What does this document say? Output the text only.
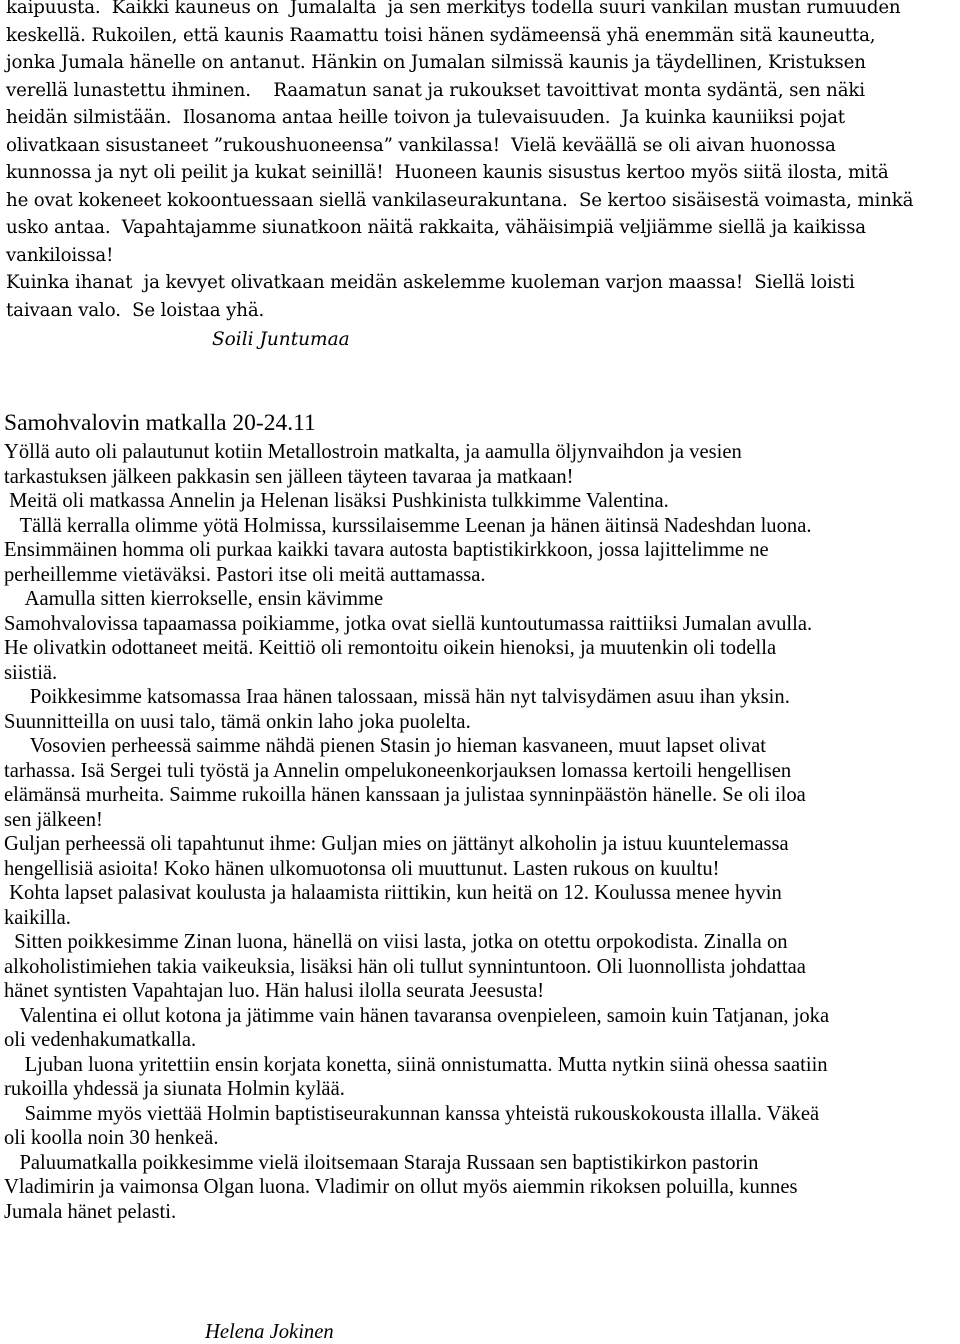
kaipuusta.  Kaikki kauneus on  Jumalalta  ja sen merkitys todella suuri vankilan mustan rumuuden

keskellä. Rukoilen, että kaunis Raamattu toisi hänen sydämeensä yhä enemmän sitä kauneutta,

jonka Jumala hänelle on antanut. Hänkin on Jumalan silmissä kaunis ja täydellinen, Kristuksen

verellä lunastettu ihminen.    Raamatun sanat ja rukoukset tavoittivat monta sydäntä, sen näki

heidän silmistään.  Ilosanoma antaa heille toivon ja tulevaisuuden.  Ja kuinka kauniiksi pojat

olivatkaan sisustaneet ”rukoushuoneensa” vankilassa!  Vielä keväällä se oli aivan huonossa

kunnossa ja nyt oli peilit ja kukat seinillä!  Huoneen kaunis sisustus kertoo myös siitä ilosta, mitä

he ovat kokeneet kokoontuessaan siellä vankilaseurakuntana.  Se kertoo sisäisestä voimasta, minkä

usko antaa.  Vapahtajamme siunatkoon näitä rakkaita, vähäisimpiä veljiämme siellä ja kaikissa

vankiloissa!

Kuinka ihanat  ja kevyet olivatkaan meidän askelemme kuoleman varjon maassa!  Siellä loisti

taivaan valo.  Se loistaa yhä.

Soili Juntumaa
Samohvalovin matkalla 20-24.11

Yöllä auto oli palautunut kotiin Metallostroin matkalta, ja aamulla öljynvaihdon ja vesien

tarkastuksen jälkeen pakkasin sen jälleen täyteen tavaraa ja matkaan!

Meitä oli matkassa Annelin ja Helenan lisäksi Pushkinista tulkkimme Valentina.

Tällä kerralla olimme yötä Holmissa, kurssilaisemme Leenan ja hänen äitinsä Nadeshdan luona.

Ensimmäinen homma oli purkaa kaikki tavara autosta baptistikirkkoon, jossa lajittelimme ne

perheillemme vietäväksi. Pastori itse oli meitä auttamassa.

Aamulla sitten kierrokselle, ensin kävimme

Samohvalovissa tapaamassa poikiamme, jotka ovat siellä kuntoutumassa raittiiksi Jumalan avulla.

He olivatkin odottaneet meitä. Keittiö oli remontoitu oikein hienoksi, ja muutenkin oli todella

siistiä.

Poikkesimme katsomassa Iraa hänen talossaan, missä hän nyt talvisydämen asuu ihan yksin.

Suunnitteilla on uusi talo, tämä onkin laho joka puolelta.

Vosovien perheessä saimme nähdä pienen Stasin jo hieman kasvaneen, muut lapset olivat

tarhassa. Isä Sergei tuli työstä ja Annelin ompelukoneenkorjauksen lomassa kertoili hengellisen

elämänsä murheita. Saimme rukoilla hänen kanssaan ja julistaa synninpäästön hänelle. Se oli iloa

sen jälkeen!

Guljan perheessä oli tapahtunut ihme: Guljan mies on jättänyt alkoholin ja istuu kuuntelemassa

hengellisiä asioita! Koko hänen ulkomuotonsa oli muuttunut. Lasten rukous on kuultu!

Kohta lapset palasivat koulusta ja halaamista riittikin, kun heitä on 12. Koulussa menee hyvin

kaikilla.

Sitten poikkesimme Zinan luona, hänellä on viisi lasta, jotka on otettu orpokodista. Zinalla on

alkoholistimiehen takia vaikeuksia, lisäksi hän oli tullut synnintuntoon. Oli luonnollista johdattaa

hänet syntisten Vapahtajan luo. Hän halusi ilolla seurata Jeesusta!

Valentina ei ollut kotona ja jätimme vain hänen tavaransa ovenpieleen, samoin kuin Tatjanan, joka

oli vedenhakumatkalla.

Ljuban luona yritettiin ensin korjata konetta, siinä onnistumatta. Mutta nytkin siinä ohessa saatiin

rukoilla yhdessä ja siunata Holmin kylää.

Saimme myös viettää Holmin baptistiseurakunnan kanssa yhteistä rukouskokousta illalla. Väkeä

oli koolla noin 30 henkeä.

Paluumatkalla poikkesimme vielä iloitsemaan Staraja Russaan sen baptistikirkon pastorin

Vladimirin ja vaimonsa Olgan luona. Vladimir on ollut myös aiemmin rikoksen poluilla, kunnes

Jumala hänet pelasti.

Helena Jokinen
